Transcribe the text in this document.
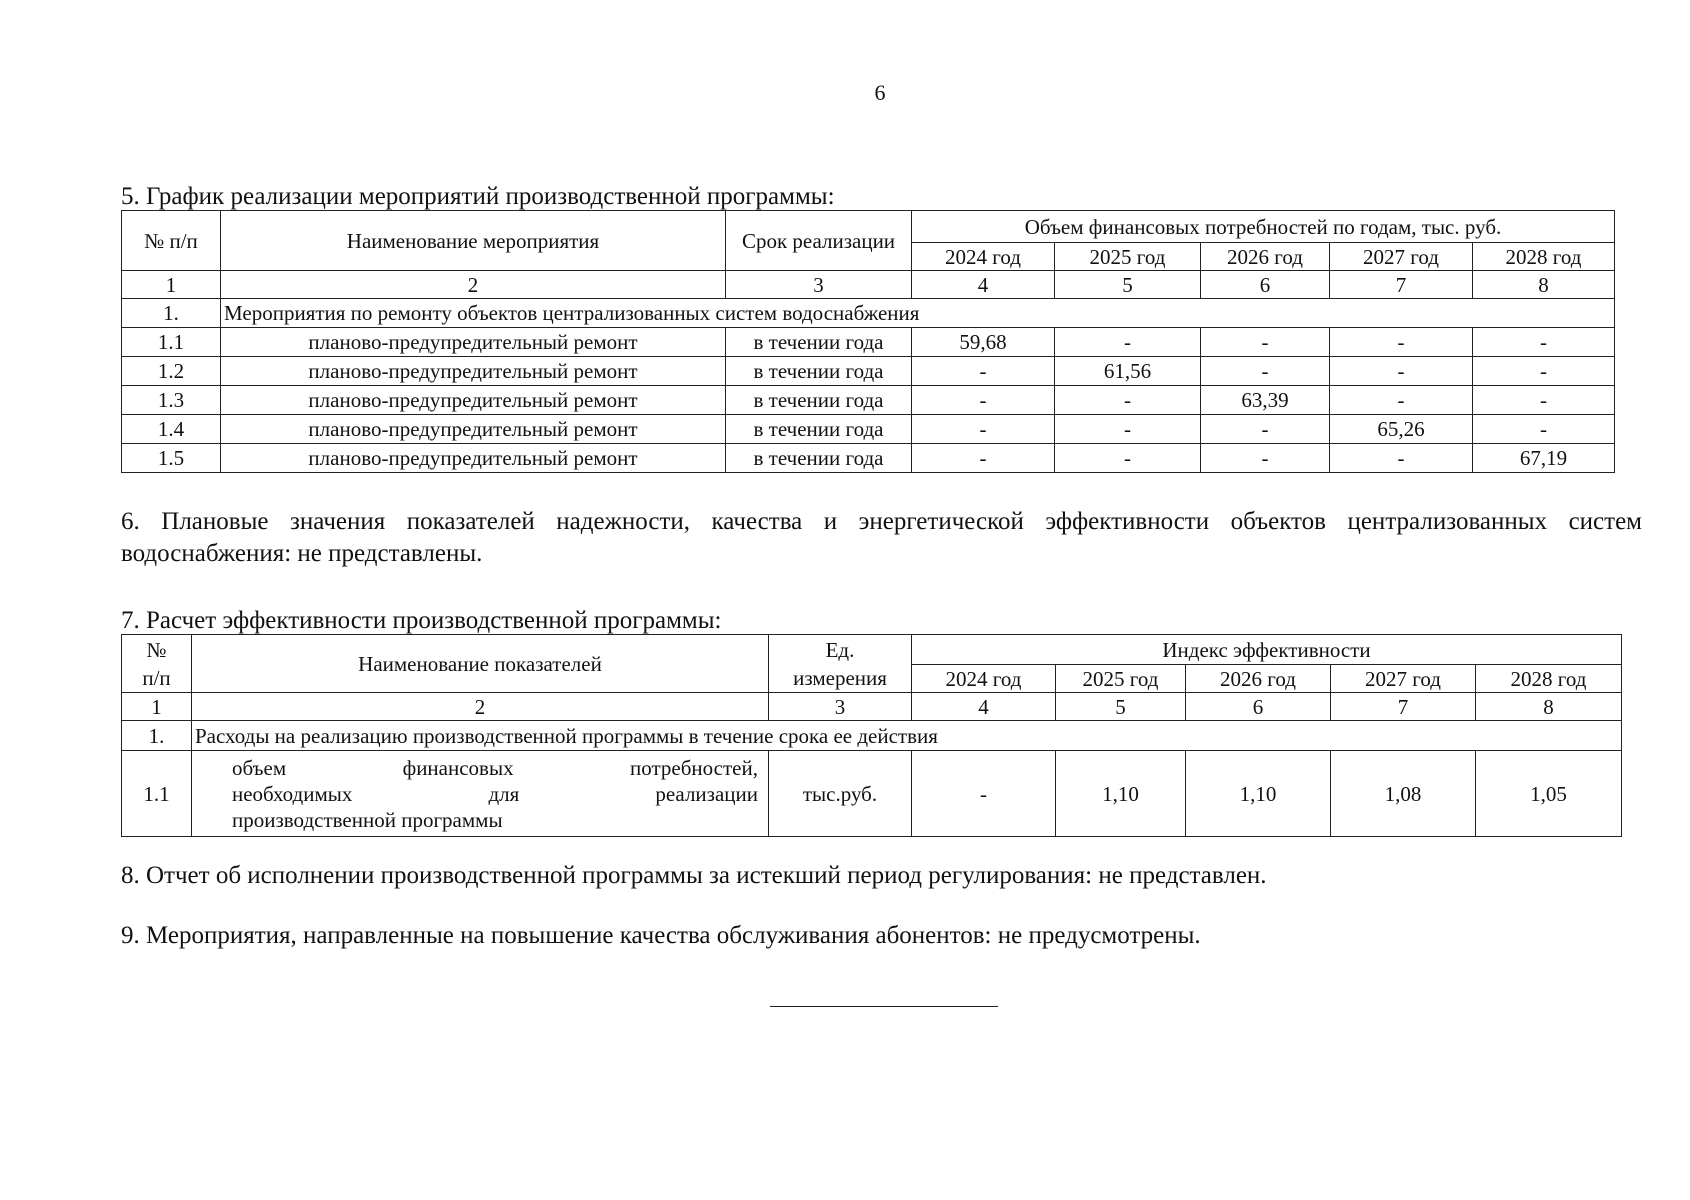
6
5. График реализации мероприятий производственной программы:
№ п/п	Наименование мероприятия	Срок реализации	Объем финансовых потребностей по годам, тыс. руб.				
			2024 год	2025 год	2026 год	2027 год	2028 год
1	2	3	4	5	6	7	8
1.	Мероприятия по ремонту объектов централизованных систем водоснабжения						
1.1	планово-предупредительный ремонт	в течении года	59,68	-	-	-	-
1.2	планово-предупредительный ремонт	в течении года	-	61,56	-	-	-
1.3	планово-предупредительный ремонт	в течении года	-	-	63,39	-	-
1.4	планово-предупредительный ремонт	в течении года	-	-	-	65,26	-
1.5	планово-предупредительный ремонт	в течении года	-	-	-	-	67,19
6. Плановые значения показателей надежности, качества и энергетической эффективности объектов централизованных систем водоснабжения: не представлены.
7. Расчет эффективности производственной программы:
№	Наименование показателей	Ед.	Индекс эффективности				
п/п		измерения	2024 год	2025 год	2026 год	2027 год	2028 год
1	2	3	4	5	6	7	8
1.	Расходы на реализацию производственной программы в течение срока ее действия						
1.1	объем финансовых потребностей,
необходимых для реализации
производственной программы	тыс.руб.	-	1,10	1,10	1,08	1,05
8. Отчет об исполнении производственной программы за истекший период регулирования: не представлен.
9. Мероприятия, направленные на повышение качества обслуживания абонентов: не предусмотрены.
